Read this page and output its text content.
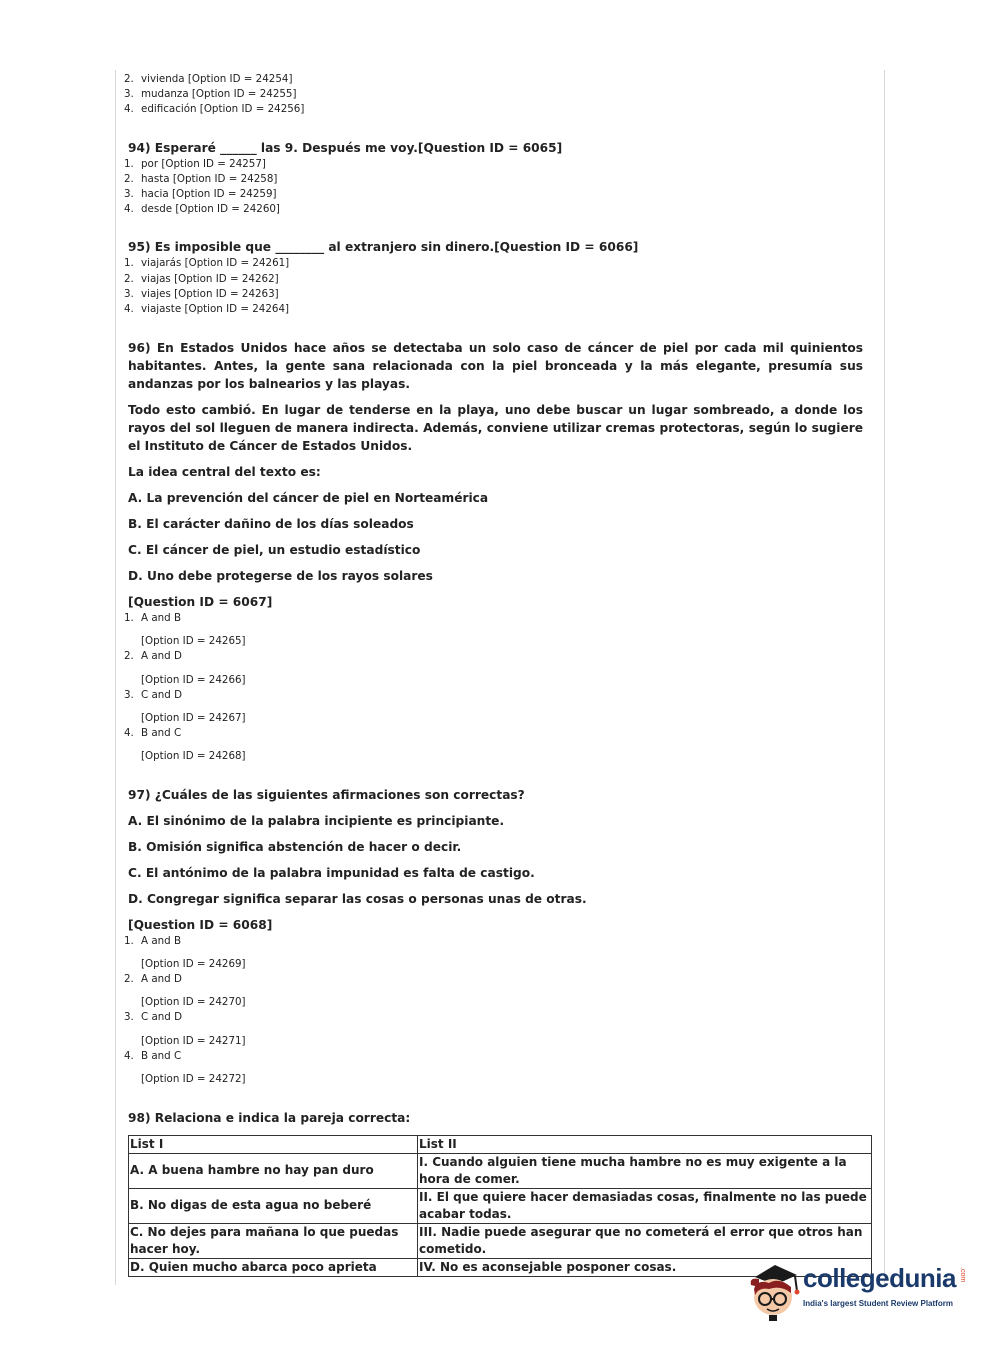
2. vivienda [Option ID = 24254]
3. mudanza [Option ID = 24255]
4. edificación [Option ID = 24256]
94) Esperaré ______ las 9. Después me voy.[Question ID = 6065]
1. por [Option ID = 24257]
2. hasta [Option ID = 24258]
3. hacia [Option ID = 24259]
4. desde [Option ID = 24260]
95) Es imposible que ________ al extranjero sin dinero.[Question ID = 6066]
1. viajarás [Option ID = 24261]
2. viajas [Option ID = 24262]
3. viajes [Option ID = 24263]
4. viajaste [Option ID = 24264]
96) En Estados Unidos hace años se detectaba un solo caso de cáncer de piel por cada mil quinientos habitantes. Antes, la gente sana relacionada con la piel bronceada y la más elegante, presumía sus andanzas por los balnearios y las playas.
Todo esto cambió. En lugar de tenderse en la playa, uno debe buscar un lugar sombreado, a donde los rayos del sol lleguen de manera indirecta. Además, conviene utilizar cremas protectoras, según lo sugiere el Instituto de Cáncer de Estados Unidos.
La idea central del texto es:
A. La prevención del cáncer de piel en Norteamérica
B. El carácter dañino de los días soleados
C. El cáncer de piel, un estudio estadístico
D. Uno debe protegerse de los rayos solares
[Question ID = 6067]
1. A and B
[Option ID = 24265]
2. A and D
[Option ID = 24266]
3. C and D
[Option ID = 24267]
4. B and C
[Option ID = 24268]
97) ¿Cuáles de las siguientes afirmaciones son correctas?
A. El sinónimo de la palabra incipiente es principiante.
B. Omisión significa abstención de hacer o decir.
C. El antónimo de la palabra impunidad es falta de castigo.
D. Congregar significa separar las cosas o personas unas de otras.
[Question ID = 6068]
1. A and B
[Option ID = 24269]
2. A and D
[Option ID = 24270]
3. C and D
[Option ID = 24271]
4. B and C
[Option ID = 24272]
98) Relaciona e indica la pareja correcta:
List I	List II
A. A buena hambre no hay pan duro	I. Cuando alguien tiene mucha hambre no es muy exigente a la hora de comer.
B. No digas de esta agua no beberé	II. El que quiere hacer demasiadas cosas, finalmente no las puede acabar todas.
C. No dejes para mañana lo que puedas hacer hoy.	III. Nadie puede asegurar que no cometerá el error que otros han cometido.
D. Quien mucho abarca poco aprieta	IV. No es aconsejable posponer cosas.	collegedunia .com
India's largest Student Review Platform
